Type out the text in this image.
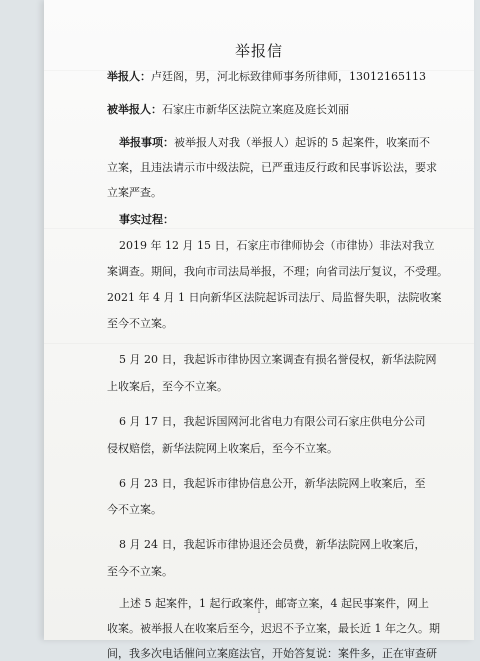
举报信
举报人：卢廷阁，男，河北标致律师事务所律师，13012165113
被举报人：石家庄市新华区法院立案庭及庭长刘丽
举报事项：被举报人对我（举报人）起诉的 5 起案件，收案而不
立案，且违法请示市中级法院，已严重违反行政和民事诉讼法，要求
立案严查。
事实过程：
2019 年 12 月 15 日，石家庄市律师协会（市律协）非法对我立
案调查。期间，我向市司法局举报，不理；向省司法厅复议，不受理。
2021 年 4 月 1 日向新华区法院起诉司法厅、局监督失职，法院收案
至今不立案。
5 月 20 日，我起诉市律协因立案调查有损名誉侵权，新华法院网
上收案后，至今不立案。
6 月 17 日，我起诉国网河北省电力有限公司石家庄供电分公司
侵权赔偿，新华法院网上收案后，至今不立案。
6 月 23 日，我起诉市律协信息公开，新华法院网上收案后，至
今不立案。
8 月 24 日，我起诉市律协退还会员费，新华法院网上收案后，
至今不立案。
上述 5 起案件，1 起行政案件，邮寄立案，4 起民事案件，网上
收案。被举报人在收案后至今，迟迟不予立案，最长近 1 年之久。期
间，我多次电话催问立案庭法官，开始答复说：案件多，正在审查研
1
